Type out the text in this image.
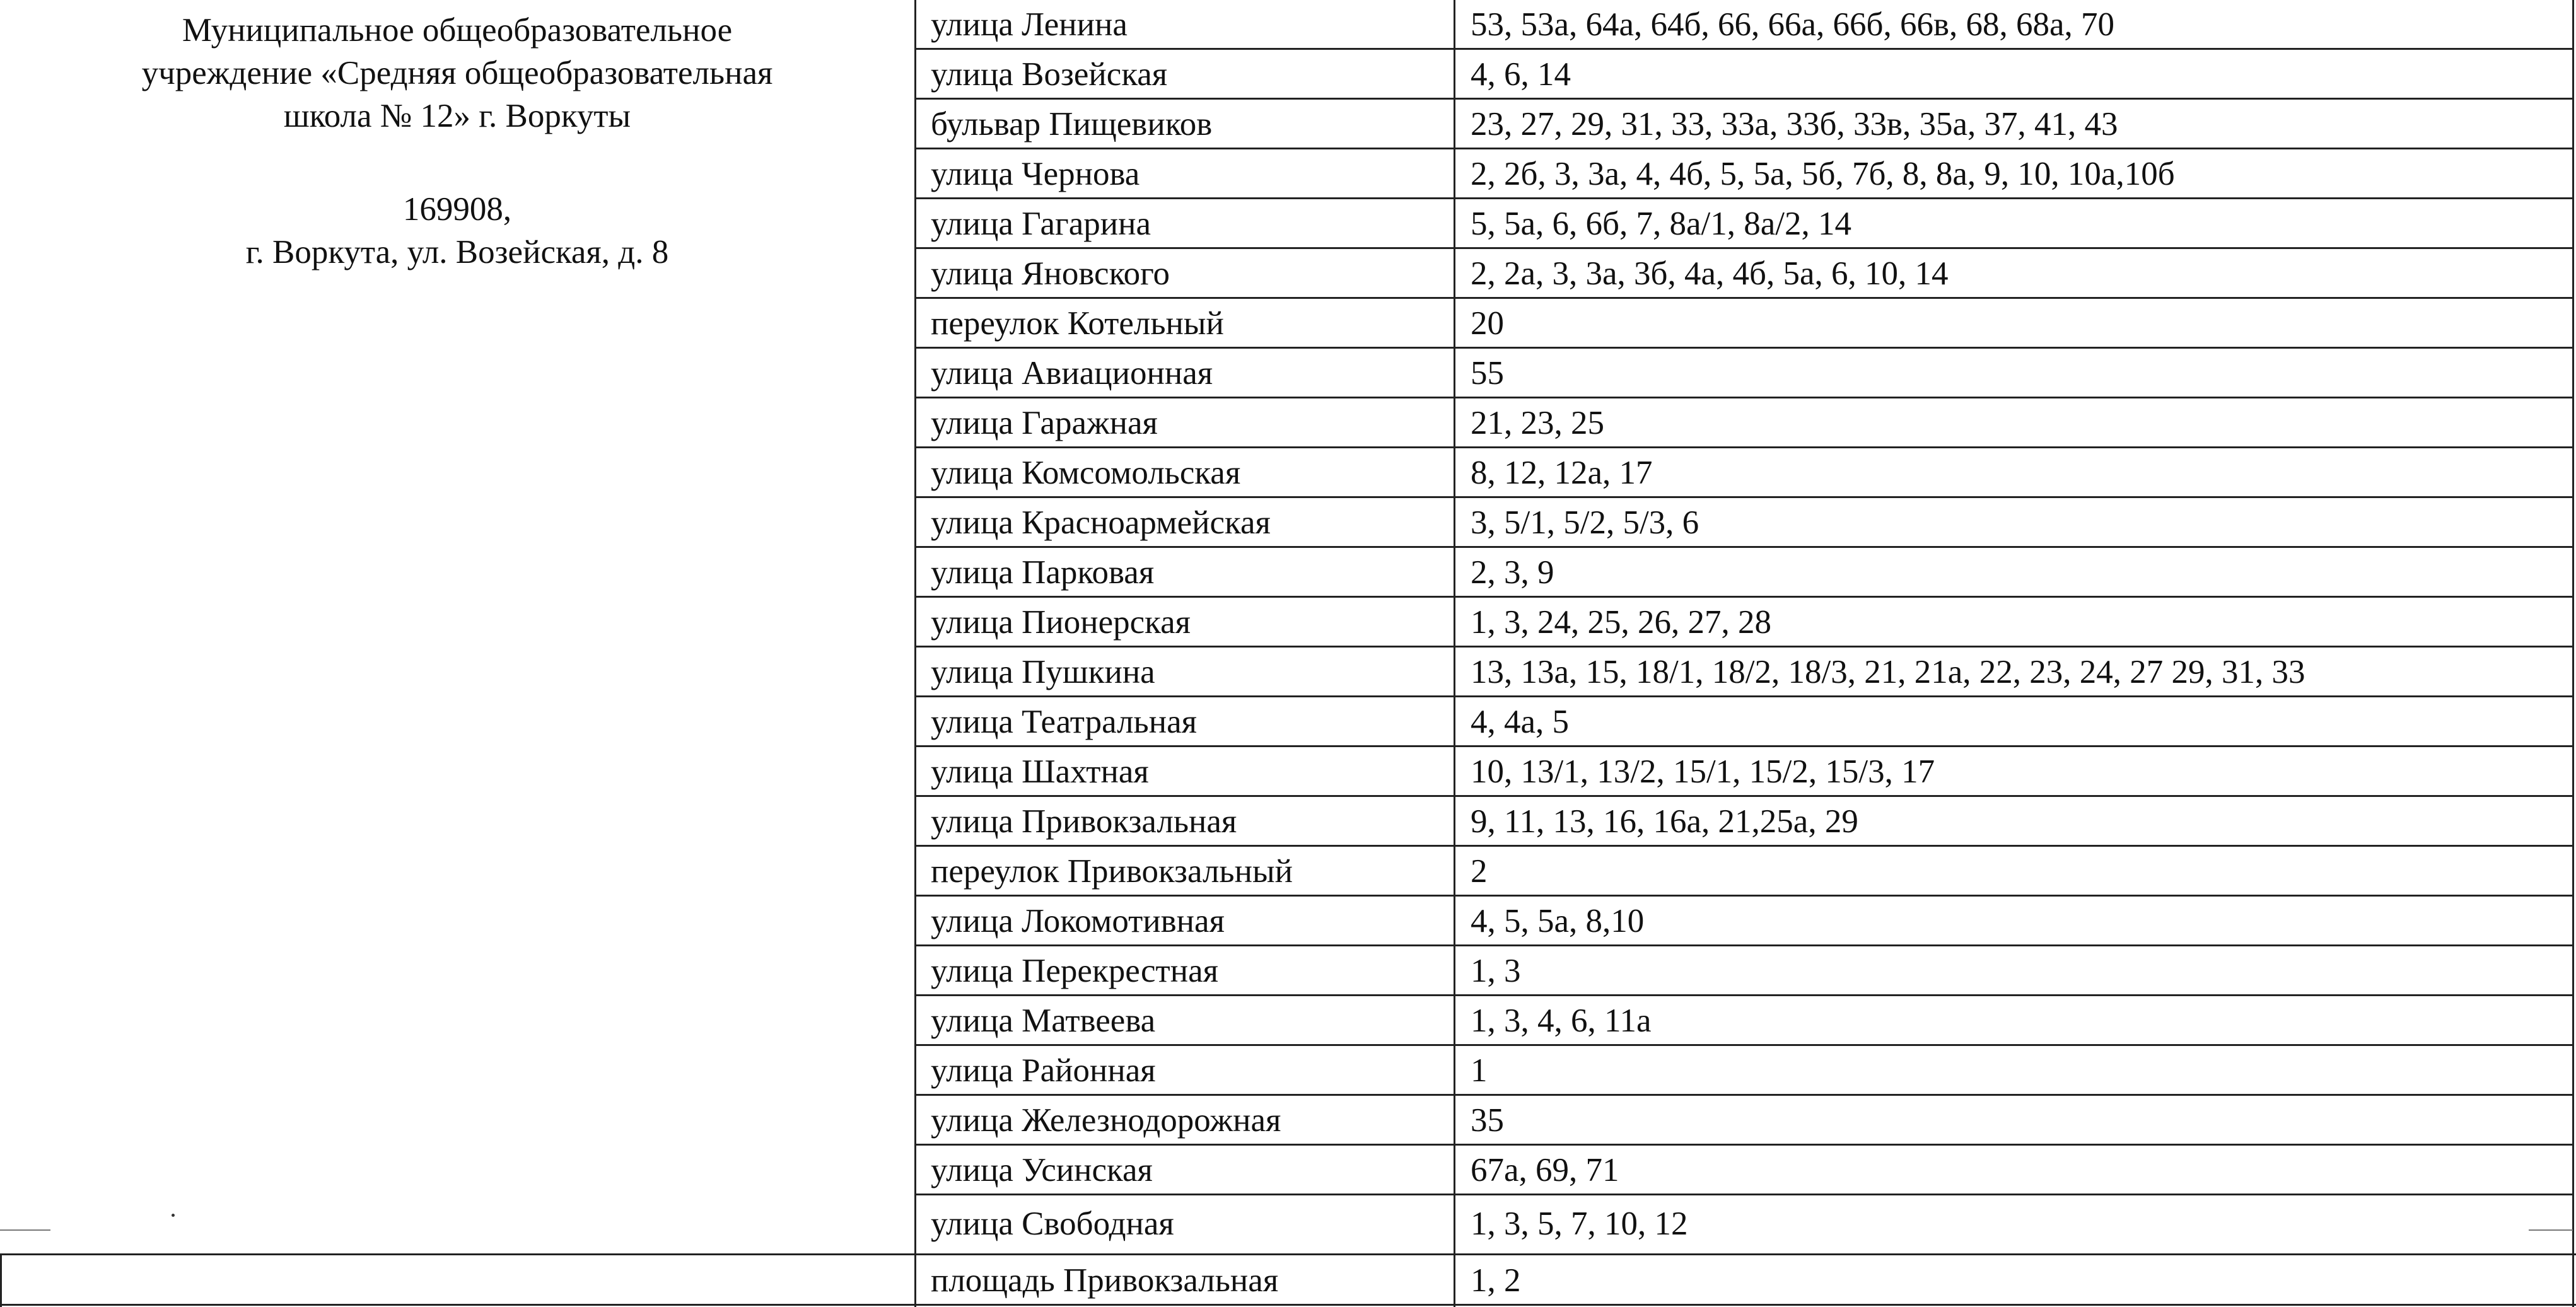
Муниципальное общеобразовательное
учреждение «Средняя общеобразовательная
школа № 12» г. Воркуты
169908,
г. Воркута, ул. Возейская, д. 8
улица Ленина	53, 53а, 64а, 64б, 66, 66а, 66б, 66в, 68, 68а, 70
улица Возейская	4, 6, 14
бульвар Пищевиков	23, 27, 29, 31, 33, 33а, 33б, 33в, 35а, 37, 41, 43
улица Чернова	2, 2б, 3, 3а, 4, 4б, 5, 5а, 5б, 7б, 8, 8а, 9, 10, 10а,10б
улица Гагарина	5, 5а, 6, 6б, 7, 8а/1, 8а/2, 14
улица Яновского	2, 2а, 3, 3а, 3б, 4а, 4б, 5а, 6, 10, 14
переулок Котельный	20
улица Авиационная	55
улица Гаражная	21, 23, 25
улица Комсомольская	8, 12, 12а, 17
улица Красноармейская	3, 5/1, 5/2, 5/3, 6
улица Парковая	2, 3, 9
улица Пионерская	1, 3, 24, 25, 26, 27, 28
улица Пушкина	13, 13а, 15, 18/1, 18/2, 18/3, 21, 21а, 22, 23, 24, 27 29, 31, 33
улица Театральная	4, 4а, 5
улица Шахтная	10, 13/1, 13/2, 15/1, 15/2, 15/3, 17
улица Привокзальная	9, 11, 13, 16, 16а, 21,25а, 29
переулок Привокзальный	2
улица Локомотивная	4, 5, 5а, 8,10
улица Перекрестная	1, 3
улица Матвеева	1, 3, 4, 6, 11а
улица Районная	1
улица Железнодорожная	35
улица Усинская	67а, 69, 71
улица Свободная	1, 3, 5, 7, 10, 12
площадь Привокзальная	1, 2
